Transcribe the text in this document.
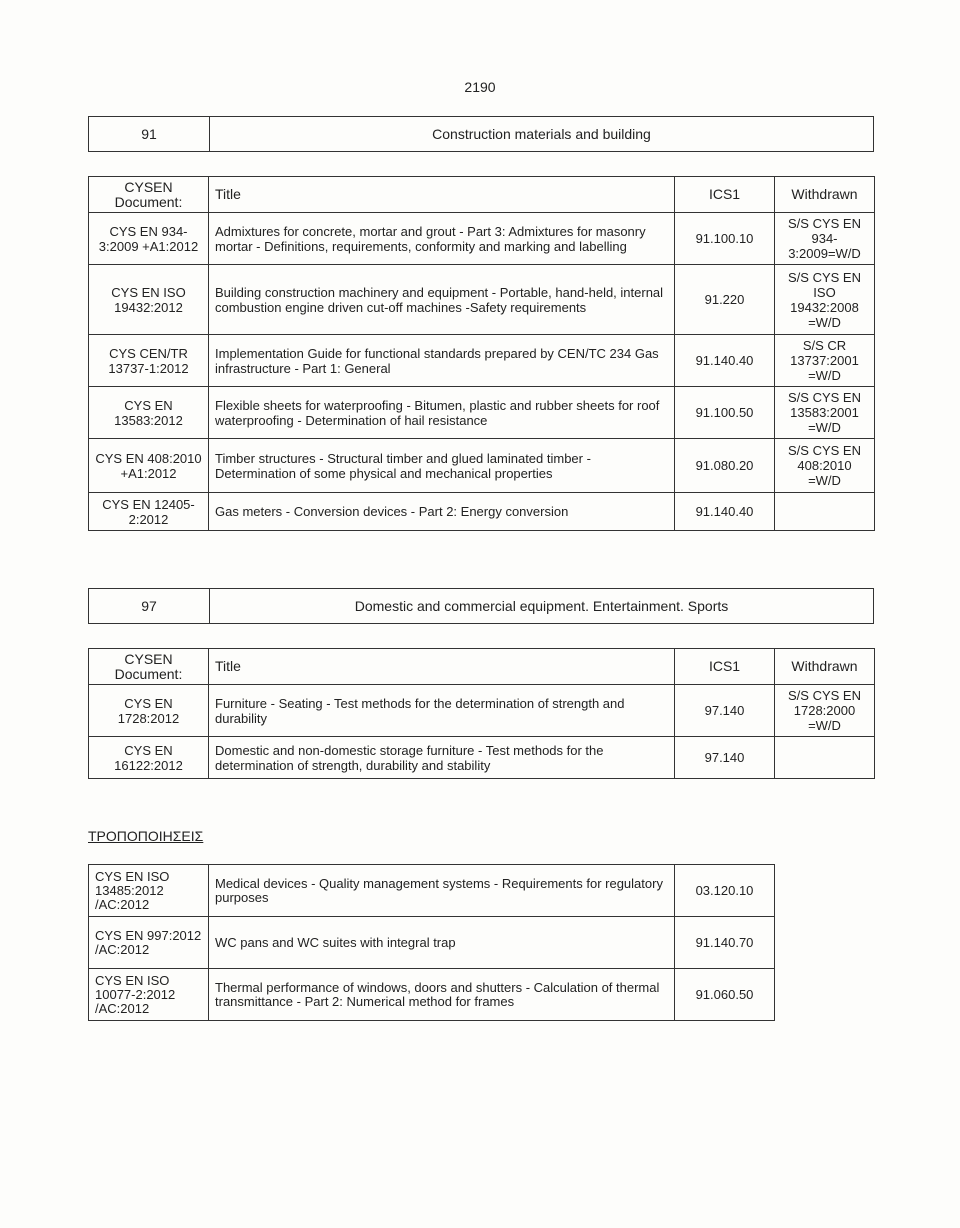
2190
91	Construction materials and building
CYSEN Document:	Title	ICS1	Withdrawn
CYS EN 934-3:2009 +A1:2012	Admixtures for concrete, mortar and grout - Part 3: Admixtures for masonry mortar - Definitions, requirements, conformity and marking and labelling	91.100.10	S/S CYS EN 934-3:2009=W/D
CYS EN ISO 19432:2012	Building construction machinery and equipment - Portable, hand-held, internal combustion engine driven cut-off machines -Safety requirements	91.220	S/S CYS EN ISO 19432:2008 =W/D
CYS CEN/TR 13737-1:2012	Implementation Guide for functional standards prepared by CEN/TC 234 Gas infrastructure - Part 1: General	91.140.40	S/S CR 13737:2001 =W/D
CYS EN 13583:2012	Flexible sheets for waterproofing - Bitumen, plastic and rubber sheets for roof waterproofing - Determination of hail resistance	91.100.50	S/S CYS EN 13583:2001 =W/D
CYS EN 408:2010 +A1:2012	Timber structures - Structural timber and glued laminated timber - Determination of some physical and mechanical properties	91.080.20	S/S CYS EN 408:2010 =W/D
CYS EN 12405-2:2012	Gas meters - Conversion devices - Part 2: Energy conversion	91.140.40	
97	Domestic and commercial equipment. Entertainment. Sports
CYSEN Document:	Title	ICS1	Withdrawn
CYS EN 1728:2012	Furniture - Seating - Test methods for the determination of strength and durability	97.140	S/S CYS EN 1728:2000 =W/D
CYS EN 16122:2012	Domestic and non-domestic storage furniture - Test methods for the determination of strength, durability and stability	97.140	
ΤΡΟΠΟΠΟΙΗΣΕΙΣ
CYS EN ISO 13485:2012 /AC:2012	Medical devices - Quality management systems - Requirements for regulatory purposes	03.120.10
CYS EN 997:2012 /AC:2012	WC pans and WC suites with integral trap	91.140.70
CYS EN ISO 10077-2:2012 /AC:2012	Thermal performance of windows, doors and shutters - Calculation of thermal transmittance - Part 2: Numerical method for frames	91.060.50
